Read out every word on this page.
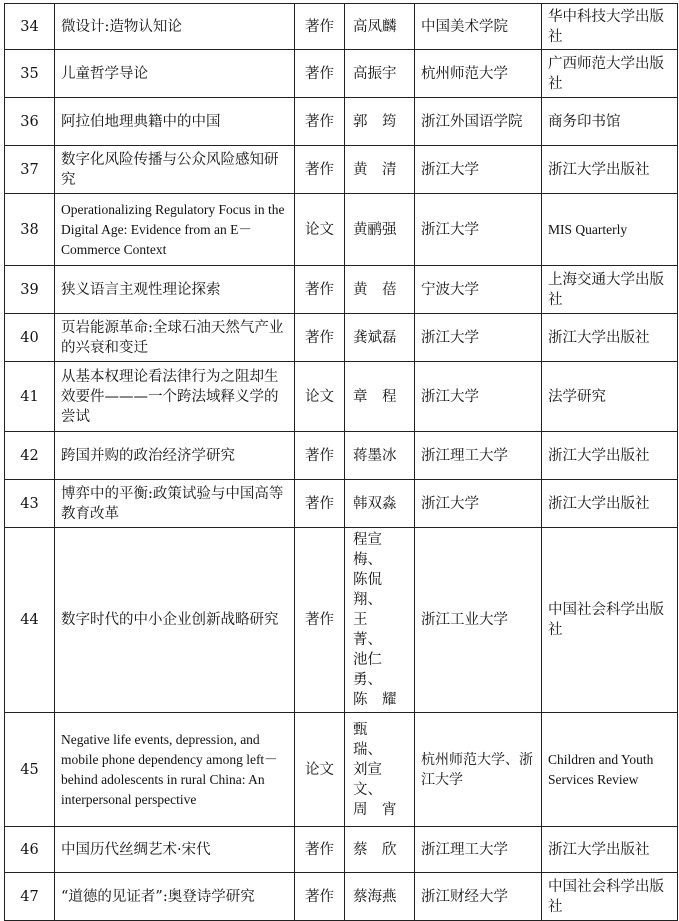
34	微设计:造物认知论	著作	高凤麟	中国美术学院	华中科技大学出版社
35	儿童哲学导论	著作	高振宇	杭州师范大学	广西师范大学出版社
36	阿拉伯地理典籍中的中国	著作	郭　筠	浙江外国语学院	商务印书馆
37	数字化风险传播与公众风险感知研究	著作	黄　清	浙江大学	浙江大学出版社
38	Operationalizing Regulatory Focus in the Digital Age: Evidence from an E－Commerce Context	论文	黄鹂强	浙江大学	MIS Quarterly
39	狭义语言主观性理论探索	著作	黄　蓓	宁波大学	上海交通大学出版社
40	页岩能源革命:全球石油天然气产业的兴衰和变迁	著作	龚斌磊	浙江大学	浙江大学出版社
41	从基本权理论看法律行为之阻却生效要件———一个跨法域释义学的尝试	论文	章　程	浙江大学	法学研究
42	跨国并购的政治经济学研究	著作	蒋墨冰	浙江理工大学	浙江大学出版社
43	博弈中的平衡:政策试验与中国高等教育改革	著作	韩双淼	浙江大学	浙江大学出版社
44	数字时代的中小企业创新战略研究	著作	程宣梅、
陈侃翔、
王　菁、
池仁勇、
陈　耀	浙江工业大学	中国社会科学出版社
45	Negative life events, depression, and mobile phone dependency among left－behind adolescents in rural China: An interpersonal perspective	论文	甄　瑞、
刘宣文、
周　宵	杭州师范大学、浙江大学	Children and Youth Services Review
46	中国历代丝绸艺术·宋代	著作	蔡　欣	浙江理工大学	浙江大学出版社
47	“道德的见证者”:奥登诗学研究	著作	蔡海燕	浙江财经大学	中国社会科学出版社
